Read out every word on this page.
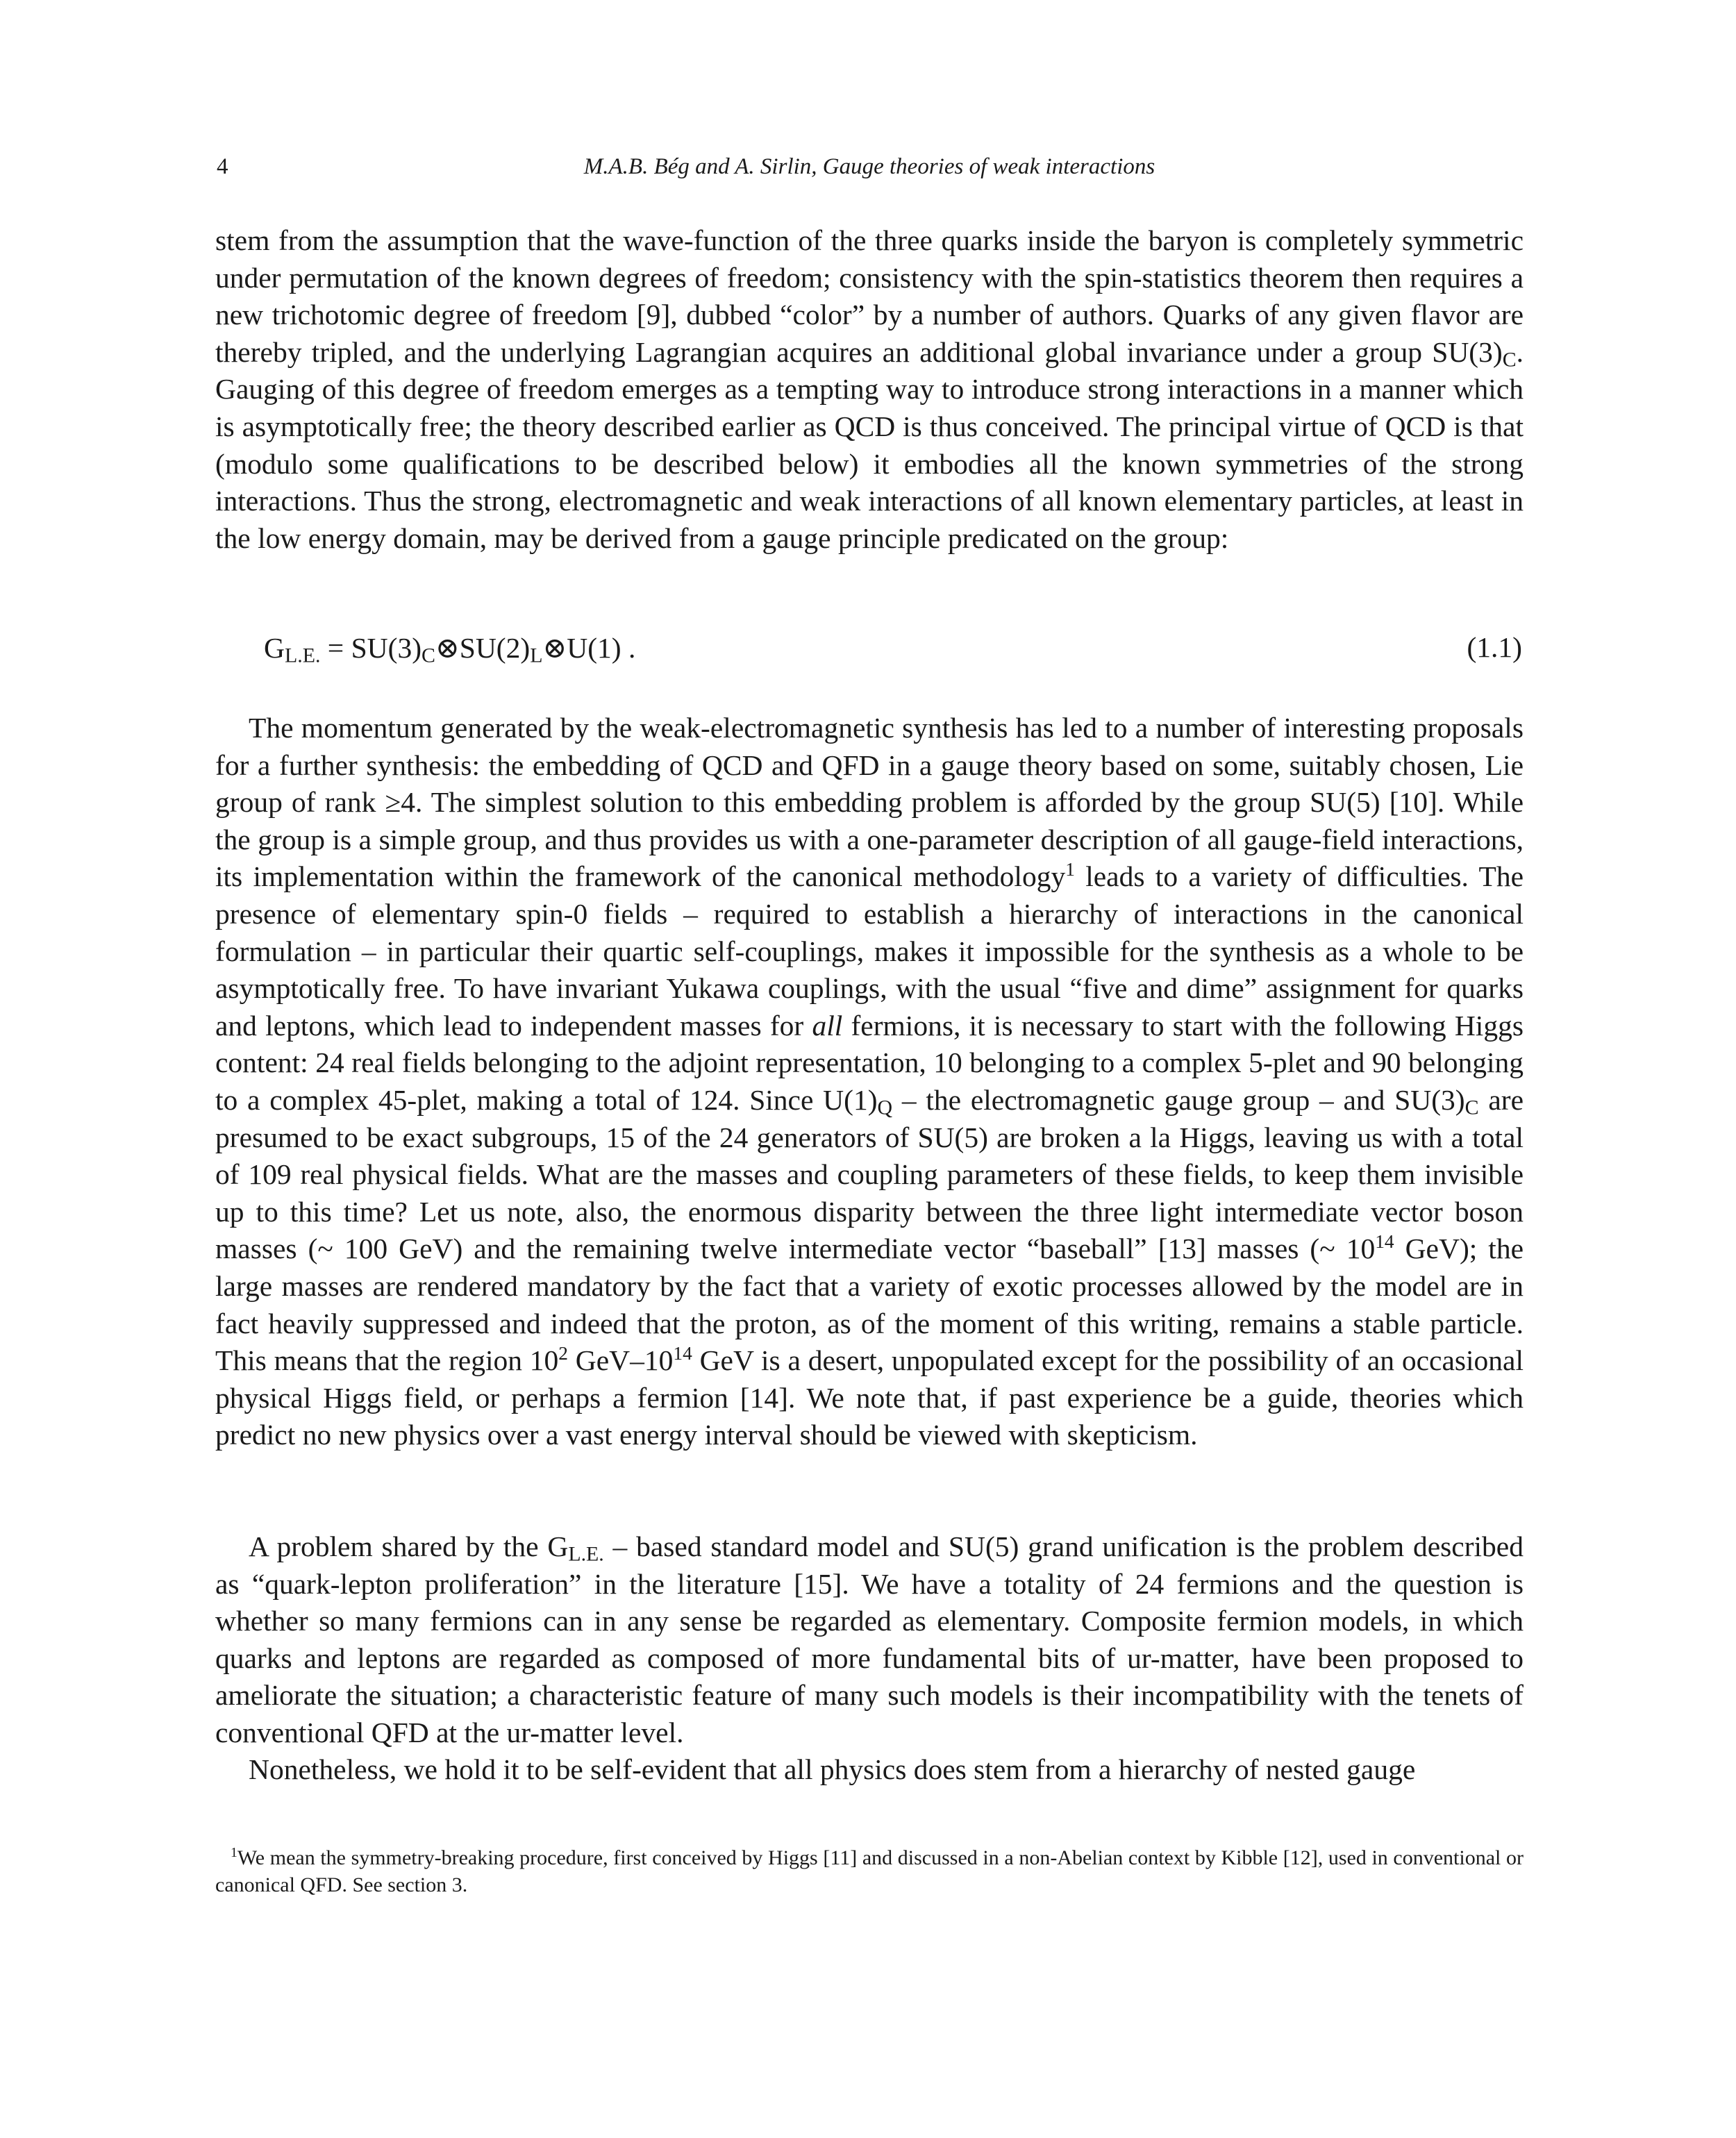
4	M.A.B. Bég and A. Sirlin, Gauge theories of weak interactions

stem from the assumption that the wave-function of the three quarks inside the baryon is completely symmetric under permutation of the known degrees of freedom; consistency with the spin-statistics theorem then requires a new trichotomic degree of freedom [9], dubbed “color” by a number of authors. Quarks of any given flavor are thereby tripled, and the underlying Lagrangian acquires an additional global invariance under a group $SU(3)_C$. Gauging of this degree of freedom emerges as a tempting way to introduce strong interactions in a manner which is asymptotically free; the theory described earlier as QCD is thus conceived. The principal virtue of QCD is that (modulo some qualifications to be described below) it embodies all the known symmetries of the strong interactions. Thus the strong, electromagnetic and weak interactions of all known elementary particles, at least in the low energy domain, may be derived from a gauge principle predicated on the group:

$G_{L.E.}$ = $SU(3)_C\otimes SU(2)_L\otimes U(1)$ .	(1.1)

The momentum generated by the weak-electromagnetic synthesis has led to a number of interesting proposals for a further synthesis: the embedding of QCD and QFD in a gauge theory based on some, suitably chosen, Lie group of rank ≥4. The simplest solution to this embedding problem is afforded by the group SU(5) [10]. While the group is a simple group, and thus provides us with a one-parameter description of all gauge-field interactions, its implementation within the framework of the canonical methodology$^1$ leads to a variety of difficulties. The presence of elementary spin-0 fields – required to establish a hierarchy of interactions in the canonical formulation – in particular their quartic self-couplings, makes it impossible for the synthesis as a whole to be asymptotically free. To have invariant Yukawa couplings, with the usual “five and dime” assignment for quarks and leptons, which lead to independent masses for all fermions, it is necessary to start with the following Higgs content: 24 real fields belonging to the adjoint representation, 10 belonging to a complex 5-plet and 90 belonging to a complex 45-plet, making a total of 124. Since $U(1)_Q$ – the electromagnetic gauge group – and $SU(3)_C$ are presumed to be exact subgroups, 15 of the 24 generators of SU(5) are broken a la Higgs, leaving us with a total of 109 real physical fields. What are the masses and coupling parameters of these fields, to keep them invisible up to this time? Let us note, also, the enormous disparity between the three light intermediate vector boson masses (~ 100 GeV) and the remaining twelve intermediate vector “baseball” [13] masses (~ $10^{14}$ GeV); the large masses are rendered mandatory by the fact that a variety of exotic processes allowed by the model are in fact heavily suppressed and indeed that the proton, as of the moment of this writing, remains a stable particle. This means that the region $10^2$ GeV–$10^{14}$ GeV is a desert, unpopulated except for the possibility of an occasional physical Higgs field, or perhaps a fermion [14]. We note that, if past experience be a guide, theories which predict no new physics over a vast energy interval should be viewed with skepticism.

A problem shared by the $G_{L.E.}$ – based standard model and SU(5) grand unification is the problem described as “quark-lepton proliferation” in the literature [15]. We have a totality of 24 fermions and the question is whether so many fermions can in any sense be regarded as elementary. Composite fermion models, in which quarks and leptons are regarded as composed of more fundamental bits of ur-matter, have been proposed to ameliorate the situation; a characteristic feature of many such models is their incompatibility with the tenets of conventional QFD at the ur-matter level.

Nonetheless, we hold it to be self-evident that all physics does stem from a hierarchy of nested gauge

$^1$We mean the symmetry-breaking procedure, first conceived by Higgs [11] and discussed in a non-Abelian context by Kibble [12], used in conventional or canonical QFD. See section 3.
